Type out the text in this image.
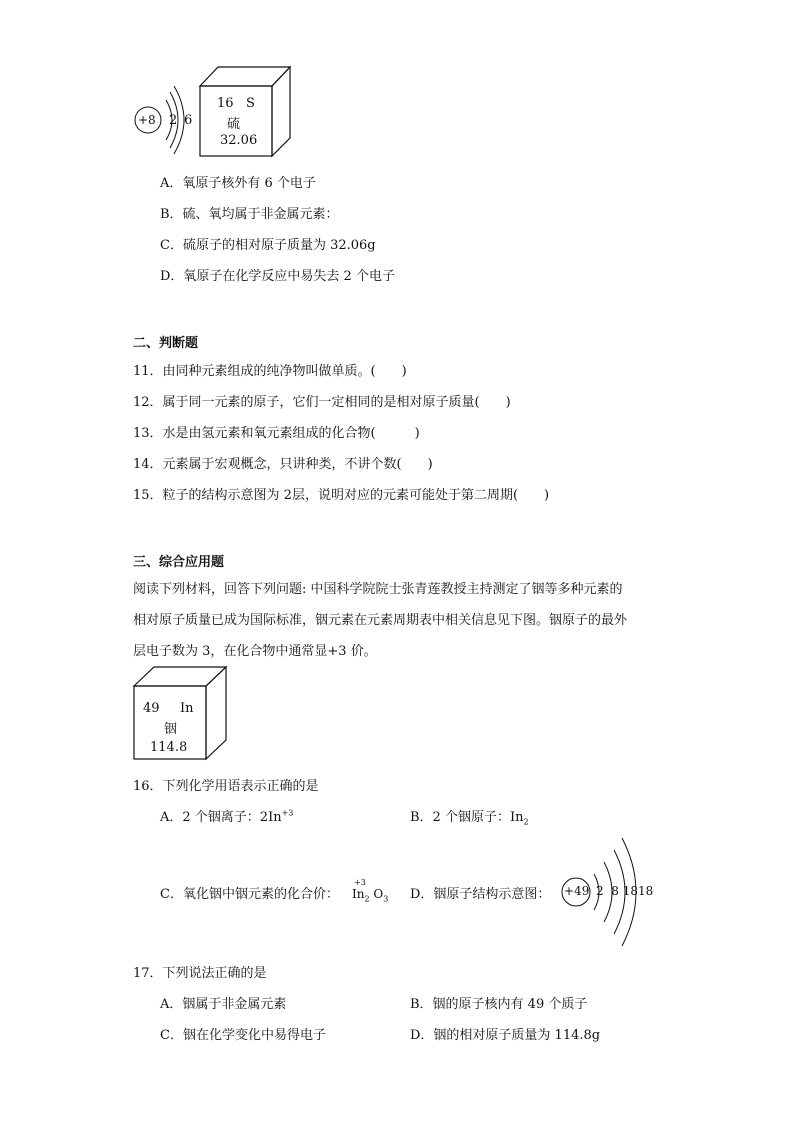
+8 2 6
16 S
硫
32.06
A．氧原子核外有 6 个电子
B．硫、氧均属于非金属元素：
C．硫原子的相对原子质量为 32.06g
D．氧原子在化学反应中易失去 2 个电子
二、判断题
11．由同种元素组成的纯净物叫做单质。(　　)
12．属于同一元素的原子，它们一定相同的是相对原子质量(　　)
13．水是由氢元素和氧元素组成的化合物(　　　)
14．元素属于宏观概念，只讲种类，不讲个数(　　)
15．粒子的结构示意图为 2层，说明对应的元素可能处于第二周期(　　)
三、综合应用题
阅读下列材料，回答下列问题: 中国科学院院士张青莲教授主持测定了铟等多种元素的
相对原子质量已成为国际标准，铟元素在元素周期表中相关信息见下图。铟原子的最外
层电子数为 3，在化合物中通常显+3 价。
49 In
铟
114.8
16．下列化学用语表示正确的是
A．2 个铟离子：$2In^{+3}$	B．2 个铟原子：$In_2$
C．氧化铟中铟元素的化合价：
+3
$In_2$ $O_3$ D．铟原子结构示意图： +49 2  8 1818
17．下列说法正确的是
A．铟属于非金属元素	B．铟的原子核内有 49 个质子
C．铟在化学变化中易得电子	D．铟的相对原子质量为 114.8g
